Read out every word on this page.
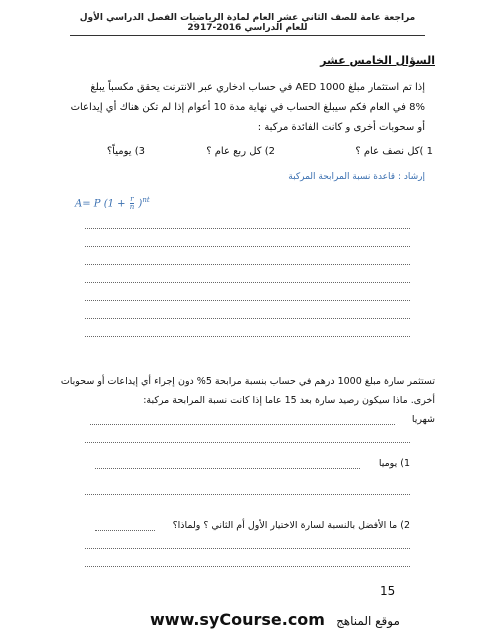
مراجعة عامة للصف الثاني عشر العام لمادة الرياضيات الفصل الدراسي الأول للعام الدراسي 2016-2917
السؤال الخامس عشر
إذا تم استثمار مبلغ 1000 AED في حساب ادخاري عبر الانترنت يحقق مكسباً يبلغ
8% في العام فكم سيبلغ الحساب في نهاية مدة 10 أعوام إذا لم تكن هناك أي إيداعات
أو سحوبات أخرى و كانت الفائدة مركبة :
1 )كل نصف عام ؟
2) كل ربع عام ؟
3) يومياً؟
إرشاد : قاعدة نسبة المرابحة المركبة
A= P $(1 + \frac{r}{n} )^{nt}$
تستثمر سارة مبلغ 1000 درهم في حساب بنسبة مرابحة 5% دون إجراء أي إيداعات أو سحوبات
أخرى. ماذا سيكون رصيد سارة بعد 15 عاما إذا كانت نسبة المرابحة مركبة:
شهريا
1) يوميا
2) ما الأفضل بالنسبة لسارة الاختيار الأول أم الثاني ؟ ولماذا؟
15
www.syCourse.com موقع المناهج
